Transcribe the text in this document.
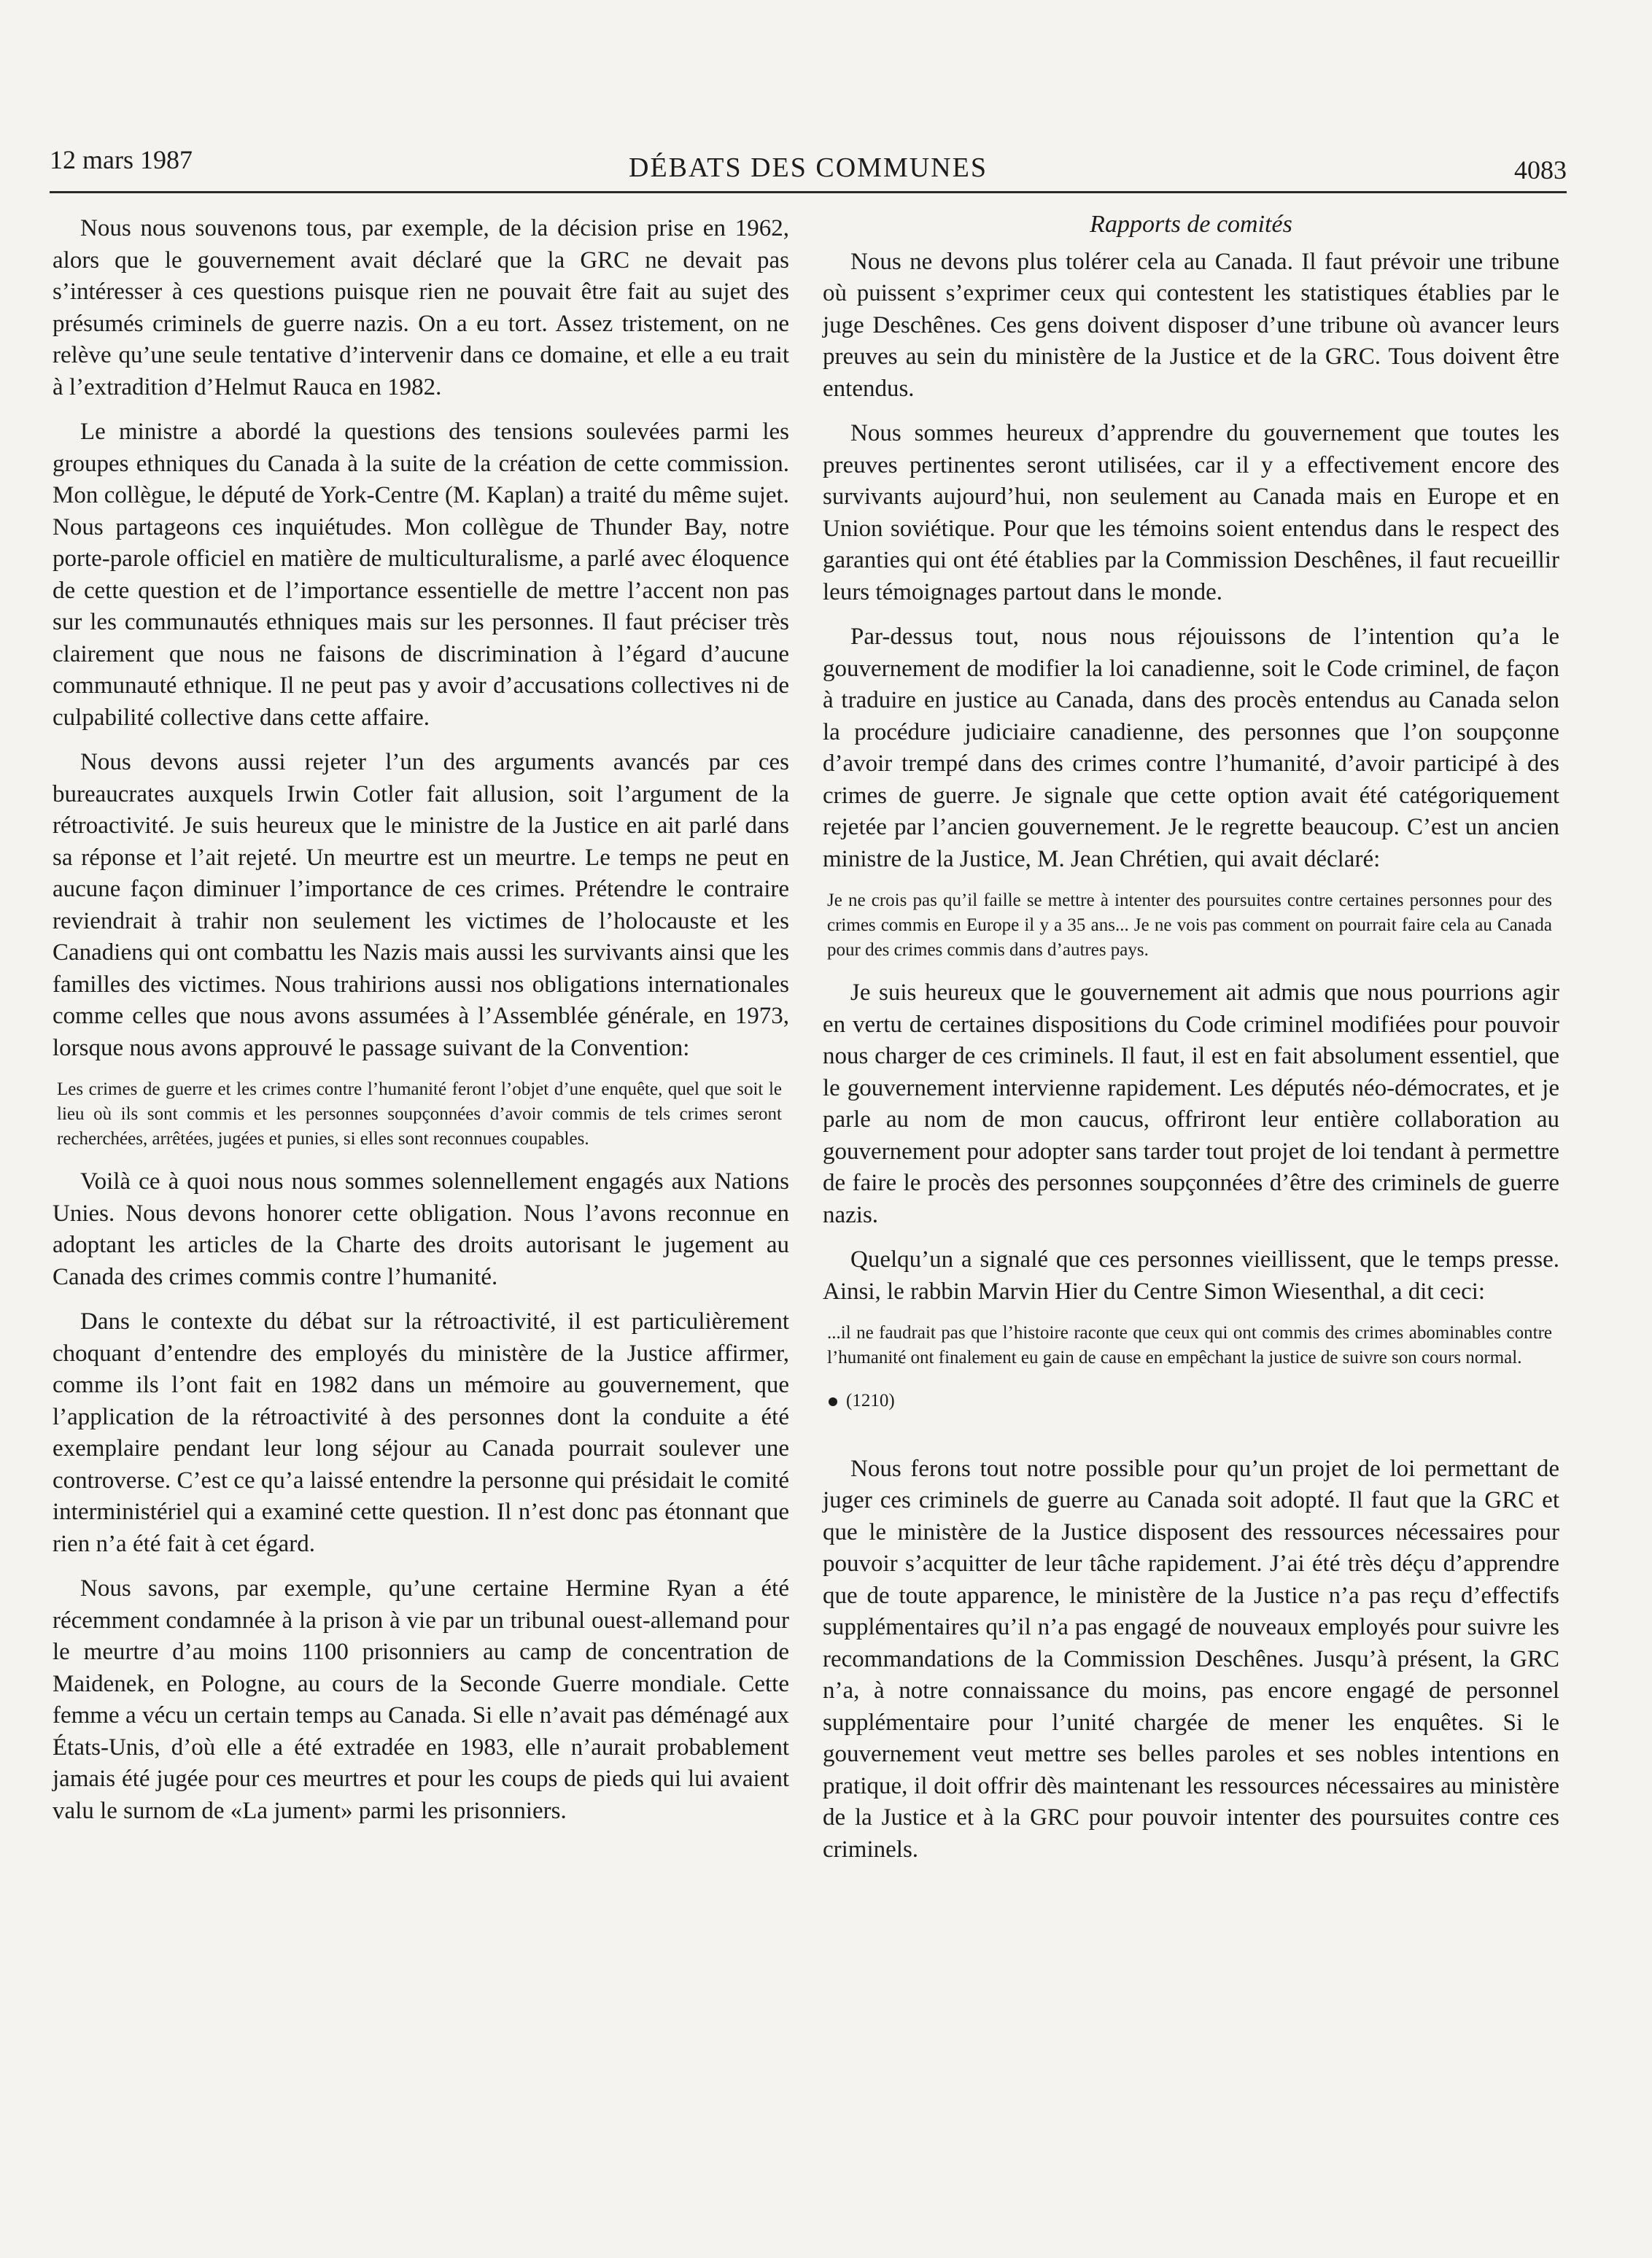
12 mars 1987	DÉBATS DES COMMUNES	4083

Nous nous souvenons tous, par exemple, de la décision prise en 1962, alors que le gouvernement avait déclaré que la GRC ne devait pas s’intéresser à ces questions puisque rien ne pouvait être fait au sujet des présumés criminels de guerre nazis. On a eu tort. Assez tristement, on ne relève qu’une seule tentative d’intervenir dans ce domaine, et elle a eu trait à l’extradition d’Helmut Rauca en 1982.

Le ministre a abordé la questions des tensions soulevées parmi les groupes ethniques du Canada à la suite de la création de cette commission. Mon collègue, le député de York-Centre (M. Kaplan) a traité du même sujet. Nous partageons ces inquiétudes. Mon collègue de Thunder Bay, notre porte-parole officiel en matière de multiculturalisme, a parlé avec éloquence de cette question et de l’importance essentielle de mettre l’accent non pas sur les communautés ethniques mais sur les personnes. Il faut préciser très clairement que nous ne faisons de discrimination à l’égard d’aucune communauté ethnique. Il ne peut pas y avoir d’accusations collectives ni de culpabilité collective dans cette affaire.

Nous devons aussi rejeter l’un des arguments avancés par ces bureaucrates auxquels Irwin Cotler fait allusion, soit l’argument de la rétroactivité. Je suis heureux que le ministre de la Justice en ait parlé dans sa réponse et l’ait rejeté. Un meurtre est un meurtre. Le temps ne peut en aucune façon diminuer l’importance de ces crimes. Prétendre le contraire reviendrait à trahir non seulement les victimes de l’holocauste et les Canadiens qui ont combattu les Nazis mais aussi les survivants ainsi que les familles des victimes. Nous trahirions aussi nos obligations internationales comme celles que nous avons assumées à l’Assemblée générale, en 1973, lorsque nous avons approuvé le passage suivant de la Convention:

Les crimes de guerre et les crimes contre l’humanité feront l’objet d’une enquête, quel que soit le lieu où ils sont commis et les personnes soupçonnées d’avoir commis de tels crimes seront recherchées, arrêtées, jugées et punies, si elles sont reconnues coupables.

Voilà ce à quoi nous nous sommes solennellement engagés aux Nations Unies. Nous devons honorer cette obligation. Nous l’avons reconnue en adoptant les articles de la Charte des droits autorisant le jugement au Canada des crimes commis contre l’humanité.

Dans le contexte du débat sur la rétroactivité, il est particulièrement choquant d’entendre des employés du ministère de la Justice affirmer, comme ils l’ont fait en 1982 dans un mémoire au gouvernement, que l’application de la rétroactivité à des personnes dont la conduite a été exemplaire pendant leur long séjour au Canada pourrait soulever une controverse. C’est ce qu’a laissé entendre la personne qui présidait le comité interministériel qui a examiné cette question. Il n’est donc pas étonnant que rien n’a été fait à cet égard.

Nous savons, par exemple, qu’une certaine Hermine Ryan a été récemment condamnée à la prison à vie par un tribunal ouest-allemand pour le meurtre d’au moins 1100 prisonniers au camp de concentration de Maidenek, en Pologne, au cours de la Seconde Guerre mondiale. Cette femme a vécu un certain temps au Canada. Si elle n’avait pas déménagé aux États-Unis, d’où elle a été extradée en 1983, elle n’aurait probablement jamais été jugée pour ces meurtres et pour les coups de pieds qui lui avaient valu le surnom de «La jument» parmi les prisonniers.

Rapports de comités

Nous ne devons plus tolérer cela au Canada. Il faut prévoir une tribune où puissent s’exprimer ceux qui contestent les statistiques établies par le juge Deschênes. Ces gens doivent disposer d’une tribune où avancer leurs preuves au sein du ministère de la Justice et de la GRC. Tous doivent être entendus.

Nous sommes heureux d’apprendre du gouvernement que toutes les preuves pertinentes seront utilisées, car il y a effectivement encore des survivants aujourd’hui, non seulement au Canada mais en Europe et en Union soviétique. Pour que les témoins soient entendus dans le respect des garanties qui ont été établies par la Commission Deschênes, il faut recueillir leurs témoignages partout dans le monde.

Par-dessus tout, nous nous réjouissons de l’intention qu’a le gouvernement de modifier la loi canadienne, soit le Code criminel, de façon à traduire en justice au Canada, dans des procès entendus au Canada selon la procédure judiciaire canadienne, des personnes que l’on soupçonne d’avoir trempé dans des crimes contre l’humanité, d’avoir participé à des crimes de guerre. Je signale que cette option avait été catégoriquement rejetée par l’ancien gouvernement. Je le regrette beaucoup. C’est un ancien ministre de la Justice, M. Jean Chrétien, qui avait déclaré:

Je ne crois pas qu’il faille se mettre à intenter des poursuites contre certaines personnes pour des crimes commis en Europe il y a 35 ans... Je ne vois pas comment on pourrait faire cela au Canada pour des crimes commis dans d’autres pays.

Je suis heureux que le gouvernement ait admis que nous pourrions agir en vertu de certaines dispositions du Code criminel modifiées pour pouvoir nous charger de ces criminels. Il faut, il est en fait absolument essentiel, que le gouvernement intervienne rapidement. Les députés néo-démocrates, et je parle au nom de mon caucus, offriront leur entière collaboration au gouvernement pour adopter sans tarder tout projet de loi tendant à permettre de faire le procès des personnes soupçonnées d’être des criminels de guerre nazis.

Quelqu’un a signalé que ces personnes vieillissent, que le temps presse. Ainsi, le rabbin Marvin Hier du Centre Simon Wiesenthal, a dit ceci:

...il ne faudrait pas que l’histoire raconte que ceux qui ont commis des crimes abominables contre l’humanité ont finalement eu gain de cause en empêchant la justice de suivre son cours normal.

(1210)

Nous ferons tout notre possible pour qu’un projet de loi permettant de juger ces criminels de guerre au Canada soit adopté. Il faut que la GRC et que le ministère de la Justice disposent des ressources nécessaires pour pouvoir s’acquitter de leur tâche rapidement. J’ai été très déçu d’apprendre que de toute apparence, le ministère de la Justice n’a pas reçu d’effectifs supplémentaires qu’il n’a pas engagé de nouveaux employés pour suivre les recommandations de la Commission Deschênes. Jusqu’à présent, la GRC n’a, à notre connaissance du moins, pas encore engagé de personnel supplémentaire pour l’unité chargée de mener les enquêtes. Si le gouvernement veut mettre ses belles paroles et ses nobles intentions en pratique, il doit offrir dès maintenant les ressources nécessaires au ministère de la Justice et à la GRC pour pouvoir intenter des poursuites contre ces criminels.
